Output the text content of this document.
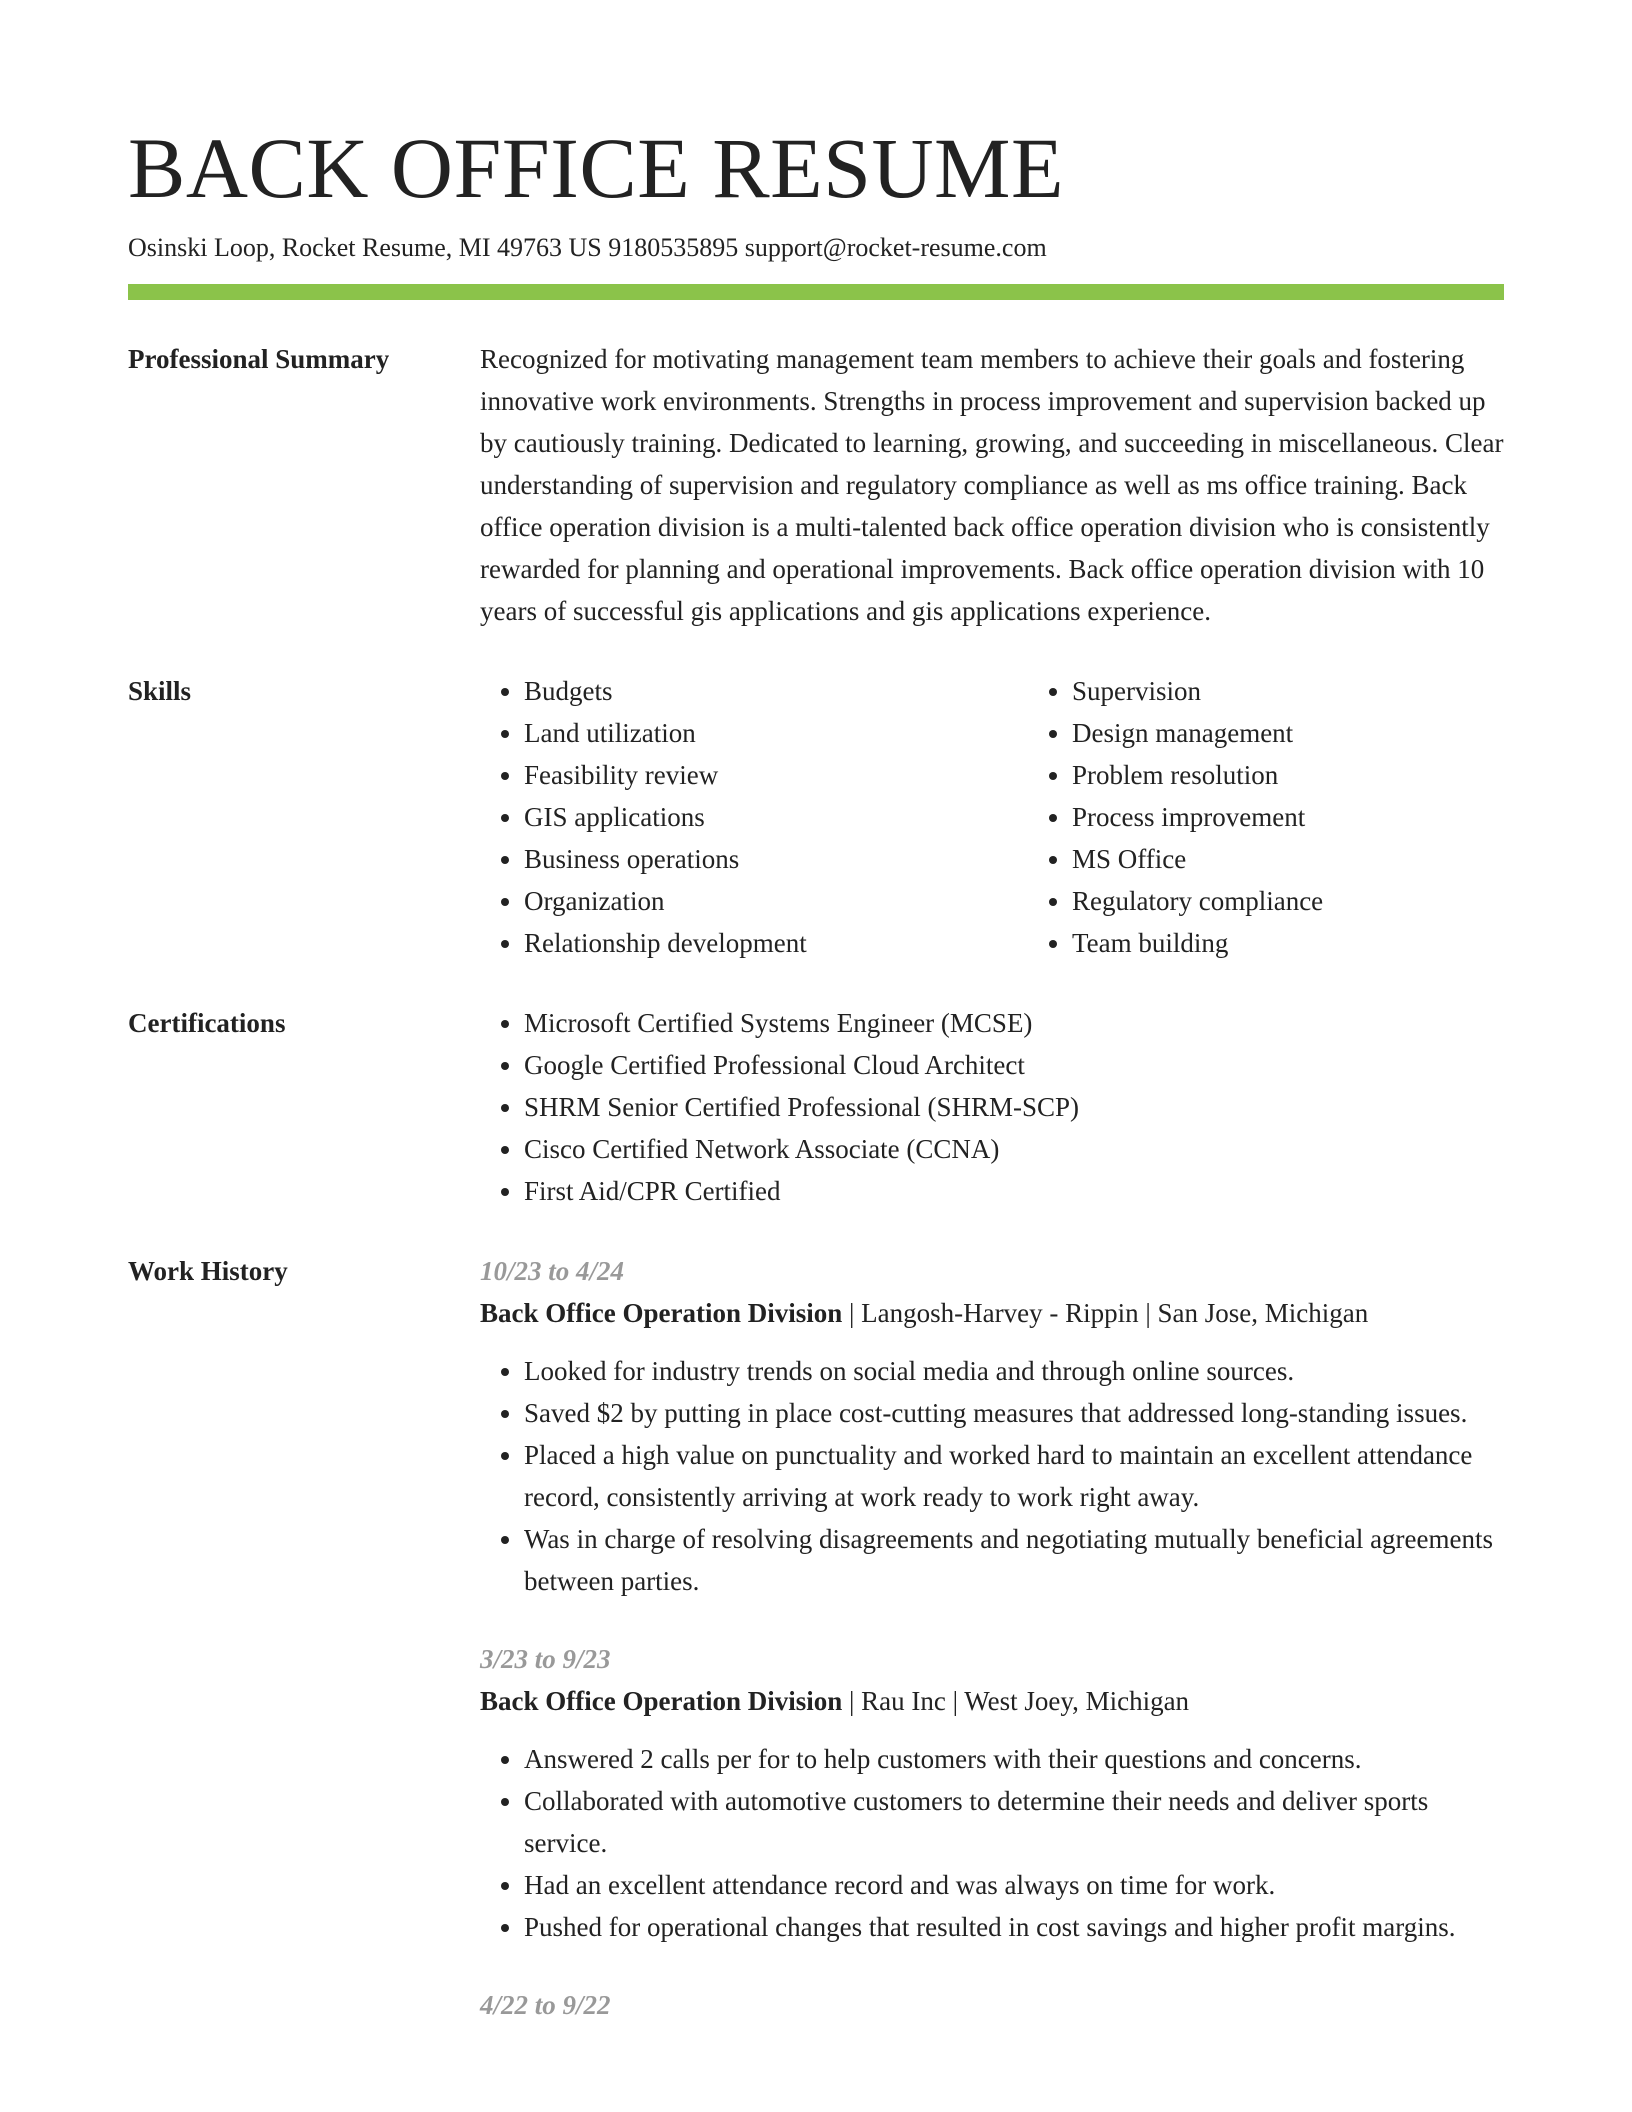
BACK OFFICE RESUME
Osinski Loop, Rocket Resume, MI 49763 US 9180535895 support@rocket-resume.com
Professional Summary	Recognized for motivating management team members to achieve their goals and fostering innovative work environments. Strengths in process improvement and supervision backed up by cautiously training. Dedicated to learning, growing, and succeeding in miscellaneous. Clear understanding of supervision and regulatory compliance as well as ms office training. Back office operation division is a multi-talented back office operation division who is consistently rewarded for planning and operational improvements. Back office operation division with 10 years of successful gis applications and gis applications experience.

Skills	• Budgets
• Land utilization
• Feasibility review
• GIS applications
• Business operations
• Organization
• Relationship development
• Supervision
• Design management
• Problem resolution
• Process improvement
• MS Office
• Regulatory compliance
• Team building
Certifications	• Microsoft Certified Systems Engineer (MCSE)
• Google Certified Professional Cloud Architect
• SHRM Senior Certified Professional (SHRM-SCP)
• Cisco Certified Network Associate (CCNA)
• First Aid/CPR Certified
Work History	10/23 to 4/24
Back Office Operation Division | Langosh-Harvey - Rippin | San Jose, Michigan
• Looked for industry trends on social media and through online sources.
• Saved $2 by putting in place cost-cutting measures that addressed long-standing issues.
• Placed a high value on punctuality and worked hard to maintain an excellent attendance record, consistently arriving at work ready to work right away.
• Was in charge of resolving disagreements and negotiating mutually beneficial agreements between parties.
3/23 to 9/23
Back Office Operation Division | Rau Inc | West Joey, Michigan
• Answered 2 calls per for to help customers with their questions and concerns.
• Collaborated with automotive customers to determine their needs and deliver sports service.
• Had an excellent attendance record and was always on time for work.
• Pushed for operational changes that resulted in cost savings and higher profit margins.
4/22 to 9/22
